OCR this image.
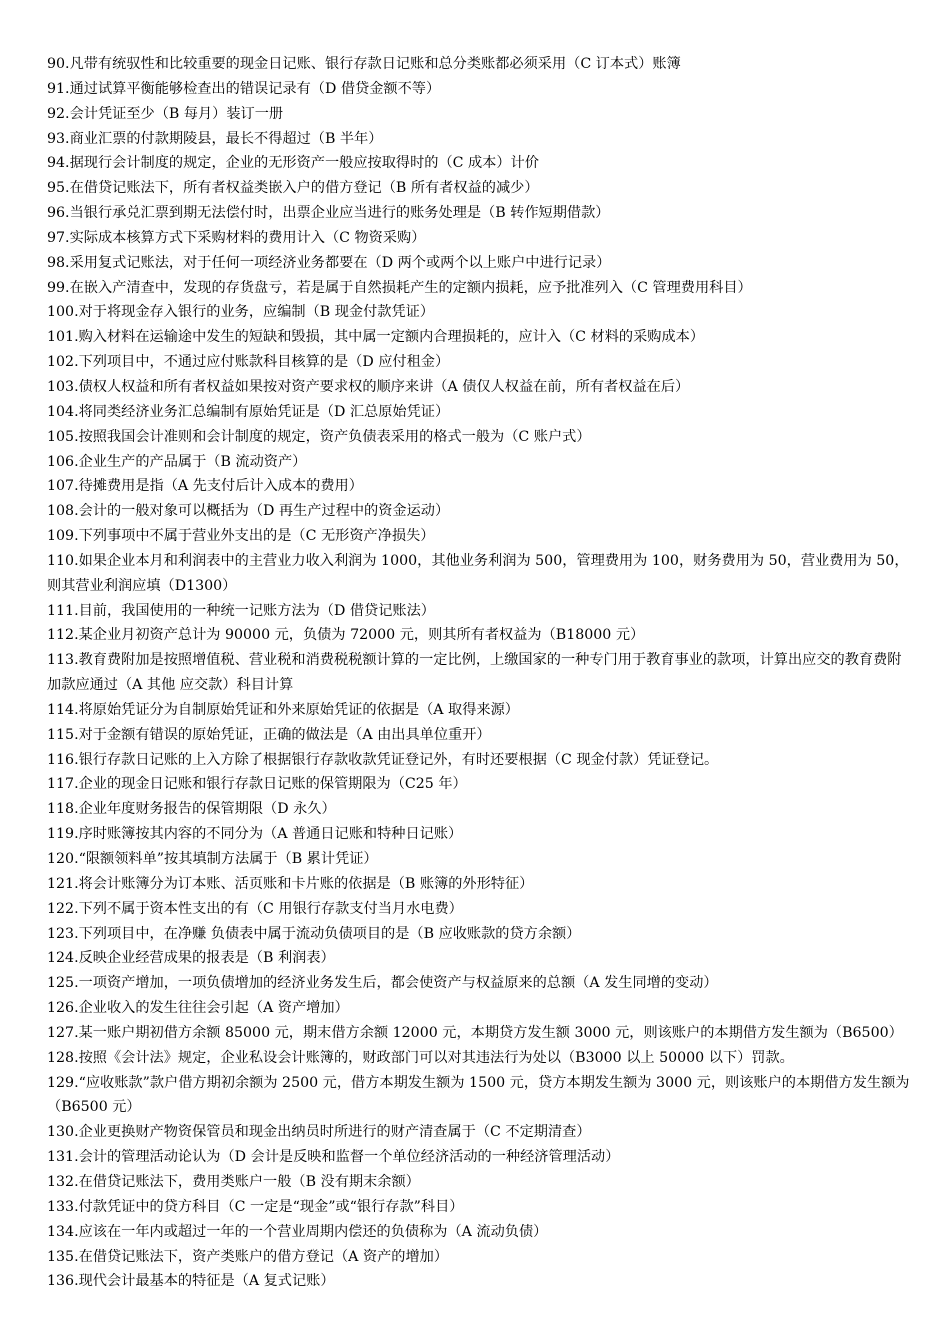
90.凡带有统驭性和比较重要的现金日记账、银行存款日记账和总分类账都必须采用（C 订本式）账簿
91.通过试算平衡能够检查出的错误记录有（D 借贷金额不等）
92.会计凭证至少（B 每月）装订一册
93.商业汇票的付款期陵县，最长不得超过（B 半年）
94.据现行会计制度的规定，企业的无形资产一般应按取得时的（C 成本）计价
95.在借贷记账法下，所有者权益类嵌入户的借方登记（B 所有者权益的减少）
96.当银行承兑汇票到期无法偿付时，出票企业应当进行的账务处理是（B 转作短期借款）
97.实际成本核算方式下采购材料的费用计入（C 物资采购）
98.采用复式记账法，对于任何一项经济业务都要在（D 两个或两个以上账户中进行记录）
99.在嵌入产清查中，发现的存货盘亏，若是属于自然损耗产生的定额内损耗，应予批准列入（C 管理费用科目）
100.对于将现金存入银行的业务，应编制（B 现金付款凭证）
101.购入材料在运输途中发生的短缺和毁损，其中属一定额内合理损耗的，应计入（C 材料的采购成本）
102.下列项目中，不通过应付账款科目核算的是（D 应付租金）
103.债权人权益和所有者权益如果按对资产要求权的顺序来讲（A 债仅人权益在前，所有者权益在后）
104.将同类经济业务汇总编制有原始凭证是（D 汇总原始凭证）
105.按照我国会计准则和会计制度的规定，资产负债表采用的格式一般为（C 账户式）
106.企业生产的产品属于（B 流动资产）
107.待摊费用是指（A 先支付后计入成本的费用）
108.会计的一般对象可以概括为（D 再生产过程中的资金运动）
109.下列事项中不属于营业外支出的是（C 无形资产净损失）
110.如果企业本月和利润表中的主营业力收入利润为 1000，其他业务利润为 500，管理费用为 100，财务费用为 50，营业费用为 50，则其营业利润应填（D1300）
111.目前，我国使用的一种统一记账方法为（D 借贷记账法）
112.某企业月初资产总计为 90000 元，负债为 72000 元，则其所有者权益为（B18000 元）
113.教育费附加是按照增值税、营业税和消费税税额计算的一定比例，上缴国家的一种专门用于教育事业的款项，计算出应交的教育费附加款应通过（A 其他 应交款）科目计算
114.将原始凭证分为自制原始凭证和外来原始凭证的依据是（A 取得来源）
115.对于金额有错误的原始凭证，正确的做法是（A 由出具单位重开）
116.银行存款日记账的上入方除了根据银行存款收款凭证登记外，有时还要根据（C 现金付款）凭证登记。
117.企业的现金日记账和银行存款日记账的保管期限为（C25 年）
118.企业年度财务报告的保管期限（D 永久）
119.序时账簿按其内容的不同分为（A 普通日记账和特种日记账）
120.“限额领料单”按其填制方法属于（B 累计凭证）
121.将会计账簿分为订本账、活页账和卡片账的依据是（B 账簿的外形特征）
122.下列不属于资本性支出的有（C 用银行存款支付当月水电费）
123.下列项目中，在净赚 负债表中属于流动负债项目的是（B 应收账款的贷方余额）
124.反映企业经营成果的报表是（B 利润表）
125.一项资产增加，一项负债增加的经济业务发生后，都会使资产与权益原来的总额（A 发生同增的变动）
126.企业收入的发生往往会引起（A 资产增加）
127.某一账户期初借方余额 85000 元，期末借方余额 12000 元，本期贷方发生额 3000 元，则该账户的本期借方发生额为（B6500）
128.按照《会计法》规定，企业私设会计账簿的，财政部门可以对其违法行为处以（B3000 以上 50000 以下）罚款。
129.“应收账款”款户借方期初余额为 2500 元，借方本期发生额为 1500 元，贷方本期发生额为 3000 元，则该账户的本期借方发生额为（B6500 元）
130.企业更换财产物资保管员和现金出纳员时所进行的财产清查属于（C 不定期清查）
131.会计的管理活动论认为（D 会计是反映和监督一个单位经济活动的一种经济管理活动）
132.在借贷记账法下，费用类账户一般（B 没有期末余额）
133.付款凭证中的贷方科目（C 一定是“现金”或“银行存款”科目）
134.应该在一年内或超过一年的一个营业周期内偿还的负债称为（A 流动负债）
135.在借贷记账法下，资产类账户的借方登记（A 资产的增加）
136.现代会计最基本的特征是（A 复式记账）
